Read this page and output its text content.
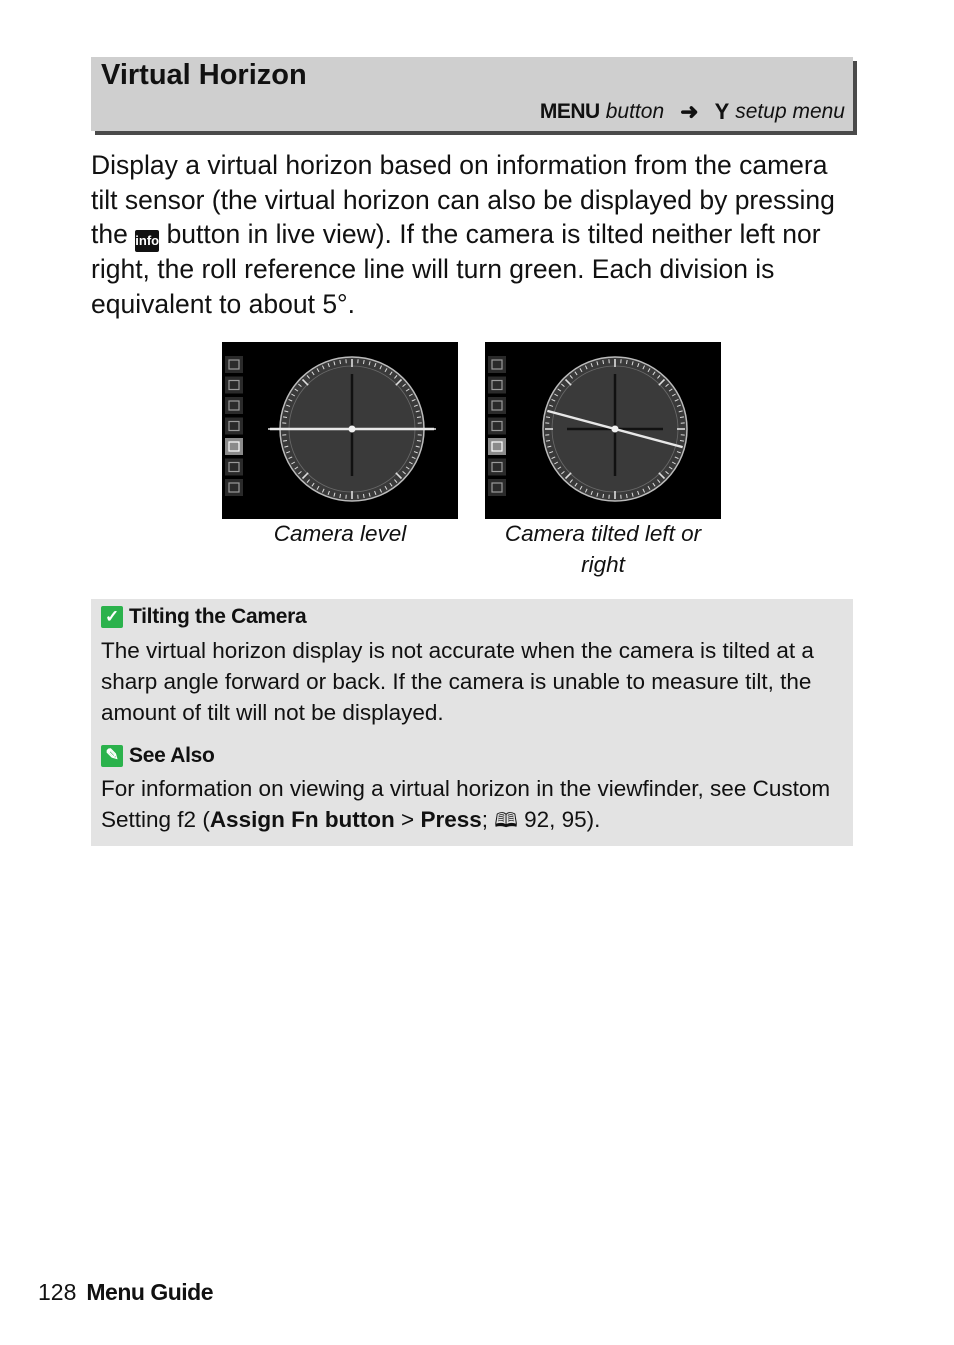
Virtual Horizon
MENU button ➜ Y setup menu

Display a virtual horizon based on information from the camera tilt sensor (the virtual horizon can also be displayed by pressing the info button in live view). If the camera is tilted neither left nor right, the roll reference line will turn green. Each division is equivalent to about 5°.

Camera level	Camera tilted left or right
✓ Tilting the Camera

The virtual horizon display is not accurate when the camera is tilted at a sharp angle forward or back. If the camera is unable to measure tilt, the amount of tilt will not be displayed.

✎ See Also

For information on viewing a virtual horizon in the viewfinder, see Custom Setting f2 (Assign Fn button > Press; 🕮 92, 95).

128 Menu Guide
